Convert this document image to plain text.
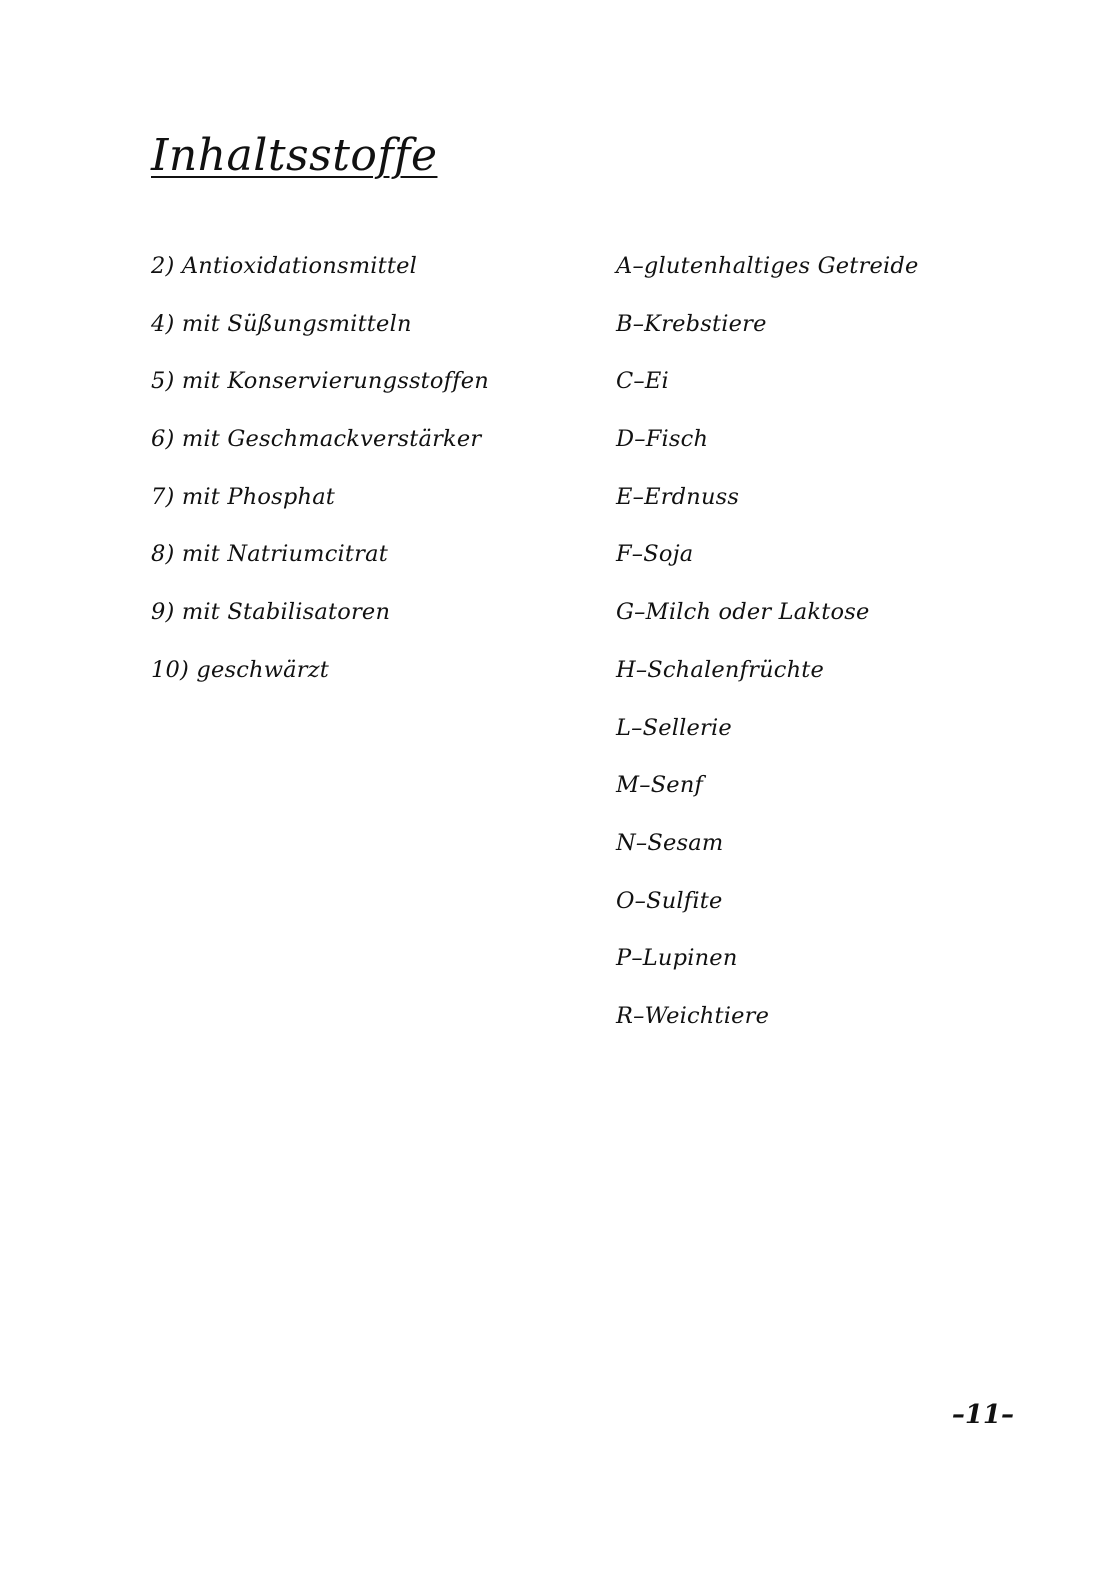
Inhaltsstoffe
2) Antioxidationsmittel
4) mit Süßungsmitteln
5) mit Konservierungsstoffen
6) mit Geschmackverstärker
7) mit Phosphat
8) mit Natriumcitrat
9) mit Stabilisatoren
10) geschwärzt
A–glutenhaltiges Getreide
B–Krebstiere
C–Ei
D–Fisch
E–Erdnuss
F–Soja
G–Milch oder Laktose
H–Schalenfrüchte
L–Sellerie
M–Senf
N–Sesam
O–Sulfite
P–Lupinen
R–Weichtiere
–11–
